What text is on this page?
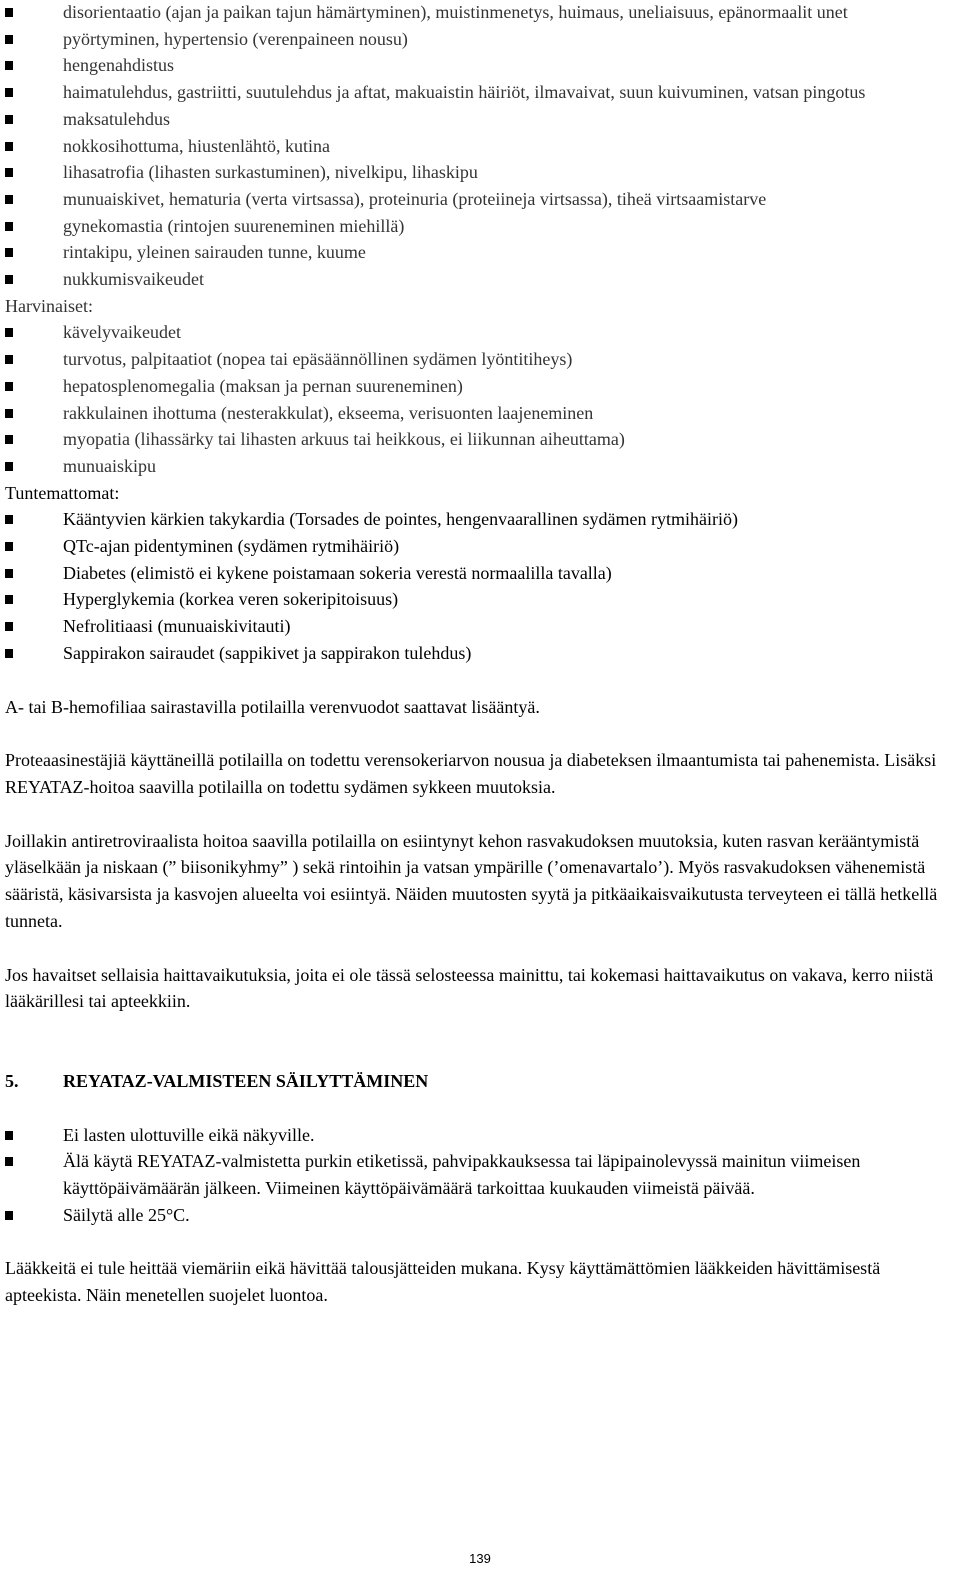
disorientaatio (ajan ja paikan tajun hämärtyminen), muistinmenetys, huimaus, uneliaisuus, epänormaalit unet
pyörtyminen, hypertensio (verenpaineen nousu)
hengenahdistus
haimatulehdus, gastriitti, suutulehdus ja aftat, makuaistin häiriöt, ilmavaivat, suun kuivuminen, vatsan pingotus
maksatulehdus
nokkosihottuma, hiustenlähtö, kutina
lihasatrofia (lihasten surkastuminen), nivelkipu, lihaskipu
munuaiskivet, hematuria (verta virtsassa), proteinuria (proteiineja virtsassa), tiheä virtsaamistarve
gynekomastia (rintojen suureneminen miehillä)
rintakipu, yleinen sairauden tunne, kuume
nukkumisvaikeudet
Harvinaiset:
kävelyvaikeudet
turvotus, palpitaatiot (nopea tai epäsäännöllinen sydämen lyöntitiheys)
hepatosplenomegalia (maksan ja pernan suureneminen)
rakkulainen ihottuma (nesterakkulat), ekseema, verisuonten laajeneminen
myopatia (lihassärky tai lihasten arkuus tai heikkous, ei liikunnan aiheuttama)
munuaiskipu
Tuntemattomat:
Kääntyvien kärkien takykardia (Torsades de pointes, hengenvaarallinen sydämen rytmihäiriö)
QTc-ajan pidentyminen (sydämen rytmihäiriö)
Diabetes (elimistö ei kykene poistamaan sokeria verestä normaalilla tavalla)
Hyperglykemia (korkea veren sokeripitoisuus)
Nefrolitiaasi (munuaiskivitauti)
Sappirakon sairaudet (sappikivet ja sappirakon tulehdus)

A- tai B-hemofiliaa sairastavilla potilailla verenvuodot saattavat lisääntyä.

Proteaasinestäjiä käyttäneillä potilailla on todettu verensokeriarvon nousua ja diabeteksen ilmaantumista tai pahenemista. Lisäksi REYATAZ-hoitoa saavilla potilailla on todettu sydämen sykkeen muutoksia.

Joillakin antiretroviraalista hoitoa saavilla potilailla on esiintynyt kehon rasvakudoksen muutoksia, kuten rasvan kerääntymistä yläselkään ja niskaan (” biisonikyhmy” ) sekä rintoihin ja vatsan ympärille (’omenavartalo’). Myös rasvakudoksen vähenemistä sääristä, käsivarsista ja kasvojen alueelta voi esiintyä. Näiden muutosten syytä ja pitkäaikaisvaikutusta terveyteen ei tällä hetkellä tunneta.

Jos havaitset sellaisia haittavaikutuksia, joita ei ole tässä selosteessa mainittu, tai kokemasi haittavaikutus on vakava, kerro niistä lääkärillesi tai apteekkiin.

5. REYATAZ-VALMISTEEN SÄILYTTÄMINEN
Ei lasten ulottuville eikä näkyville.
Älä käytä REYATAZ-valmistetta purkin etiketissä, pahvipakkauksessa tai läpipainolevyssä mainitun viimeisen käyttöpäivämäärän jälkeen. Viimeinen käyttöpäivämäärä tarkoittaa kuukauden viimeistä päivää.
Säilytä alle 25°C.

Lääkkeitä ei tule heittää viemäriin eikä hävittää talousjätteiden mukana. Kysy käyttämättömien lääkkeiden hävittämisestä apteekista. Näin menetellen suojelet luontoa.

139
